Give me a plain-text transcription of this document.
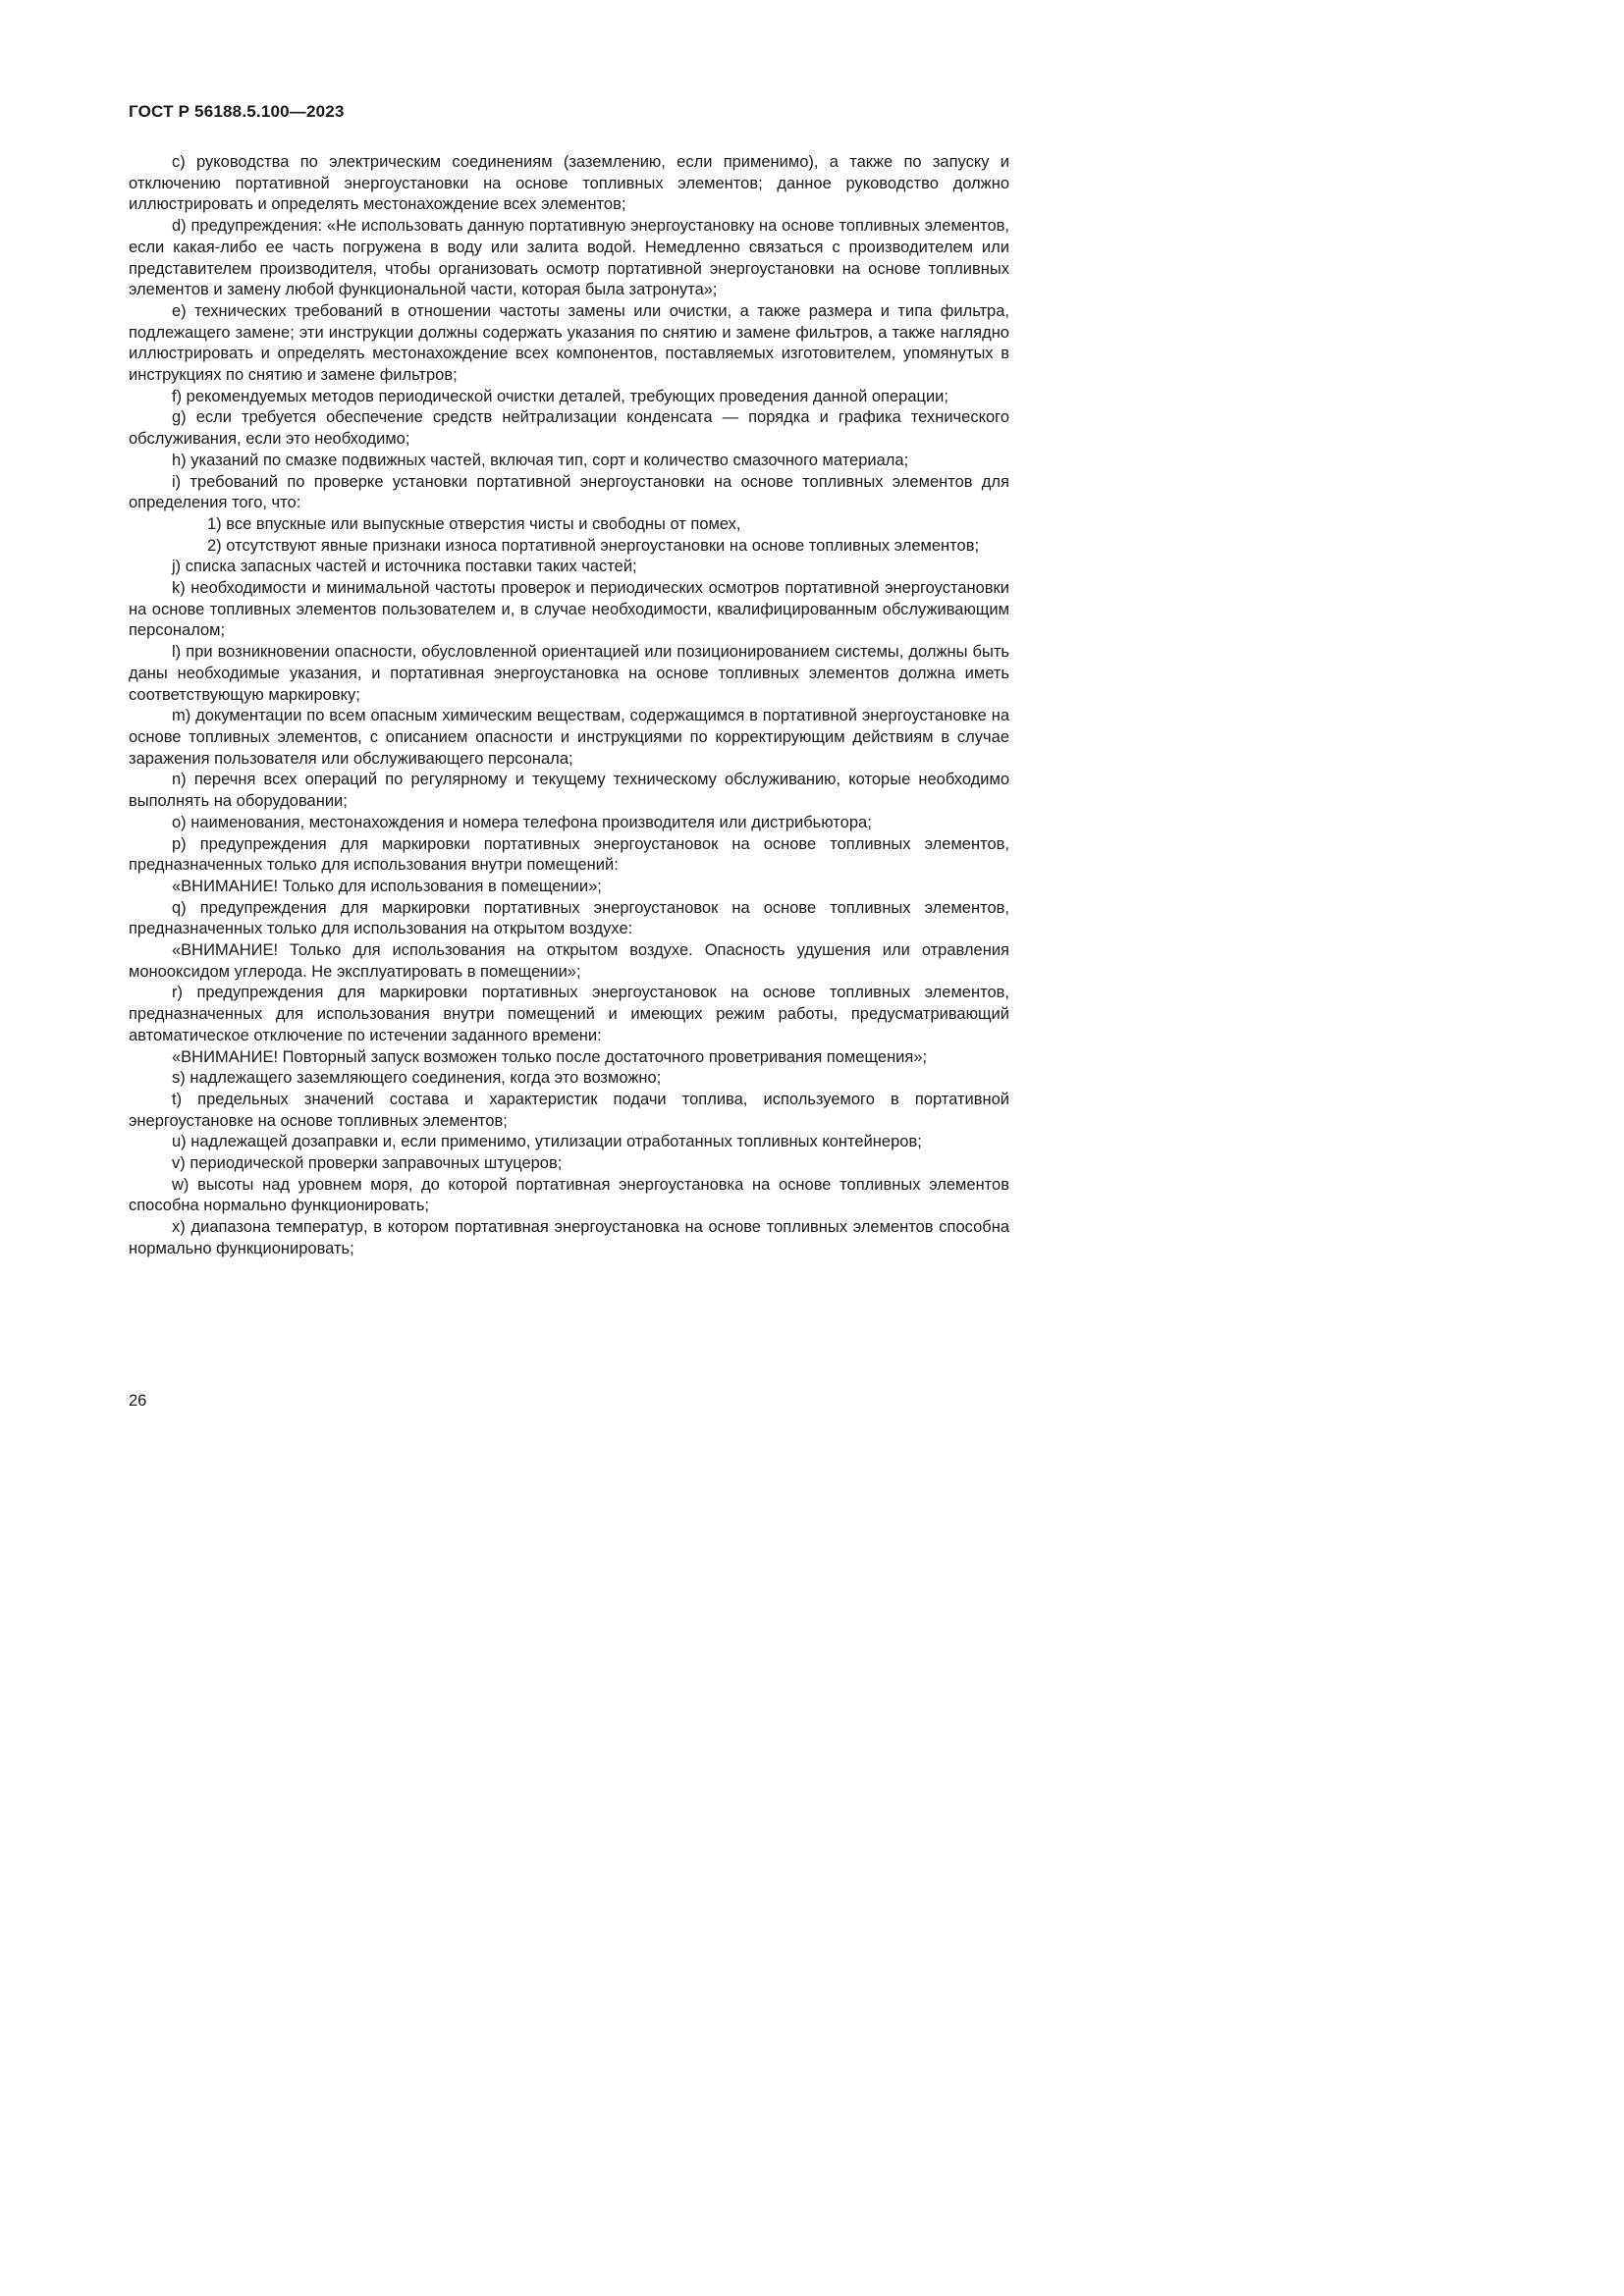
ГОСТ Р 56188.5.100—2023

c) руководства по электрическим соединениям (заземлению, если применимо), а также по запуску и отключению портативной энергоустановки на основе топливных элементов; данное руководство должно иллюстрировать и определять местонахождение всех элементов;

d) предупреждения: «Не использовать данную портативную энергоустановку на основе топливных элементов, если какая-либо ее часть погружена в воду или залита водой. Немедленно связаться с производителем или представителем производителя, чтобы организовать осмотр портативной энергоустановки на основе топливных элементов и замену любой функциональной части, которая была затронута»;

e) технических требований в отношении частоты замены или очистки, а также размера и типа фильтра, подлежащего замене; эти инструкции должны содержать указания по снятию и замене фильтров, а также наглядно иллюстрировать и определять местонахождение всех компонентов, поставляемых изготовителем, упомянутых в инструкциях по снятию и замене фильтров;

f) рекомендуемых методов периодической очистки деталей, требующих проведения данной операции;

g) если требуется обеспечение средств нейтрализации конденсата — порядка и графика технического обслуживания, если это необходимо;

h) указаний по смазке подвижных частей, включая тип, сорт и количество смазочного материала;

i) требований по проверке установки портативной энергоустановки на основе топливных элементов для определения того, что:

1) все впускные или выпускные отверстия чисты и свободны от помех,

2) отсутствуют явные признаки износа портативной энергоустановки на основе топливных элементов;

j) списка запасных частей и источника поставки таких частей;

k) необходимости и минимальной частоты проверок и периодических осмотров портативной энергоустановки на основе топливных элементов пользователем и, в случае необходимости, квалифицированным обслуживающим персоналом;

l) при возникновении опасности, обусловленной ориентацией или позиционированием системы, должны быть даны необходимые указания, и портативная энергоустановка на основе топливных элементов должна иметь соответствующую маркировку;

m) документации по всем опасным химическим веществам, содержащимся в портативной энергоустановке на основе топливных элементов, с описанием опасности и инструкциями по корректирующим действиям в случае заражения пользователя или обслуживающего персонала;

n) перечня всех операций по регулярному и текущему техническому обслуживанию, которые необходимо выполнять на оборудовании;

o) наименования, местонахождения и номера телефона производителя или дистрибьютора;

p) предупреждения для маркировки портативных энергоустановок на основе топливных элементов, предназначенных только для использования внутри помещений:

«ВНИМАНИЕ! Только для использования в помещении»;

q) предупреждения для маркировки портативных энергоустановок на основе топливных элементов, предназначенных только для использования на открытом воздухе:

«ВНИМАНИЕ! Только для использования на открытом воздухе. Опасность удушения или отравления монооксидом углерода. Не эксплуатировать в помещении»;

r) предупреждения для маркировки портативных энергоустановок на основе топливных элементов, предназначенных для использования внутри помещений и имеющих режим работы, предусматривающий автоматическое отключение по истечении заданного времени:

«ВНИМАНИЕ! Повторный запуск возможен только после достаточного проветривания помещения»;

s) надлежащего заземляющего соединения, когда это возможно;

t) предельных значений состава и характеристик подачи топлива, используемого в портативной энергоустановке на основе топливных элементов;

u) надлежащей дозаправки и, если применимо, утилизации отработанных топливных контейнеров;

v) периодической проверки заправочных штуцеров;

w) высоты над уровнем моря, до которой портативная энергоустановка на основе топливных элементов способна нормально функционировать;

x) диапазона температур, в котором портативная энергоустановка на основе топливных элементов способна нормально функционировать;

26
